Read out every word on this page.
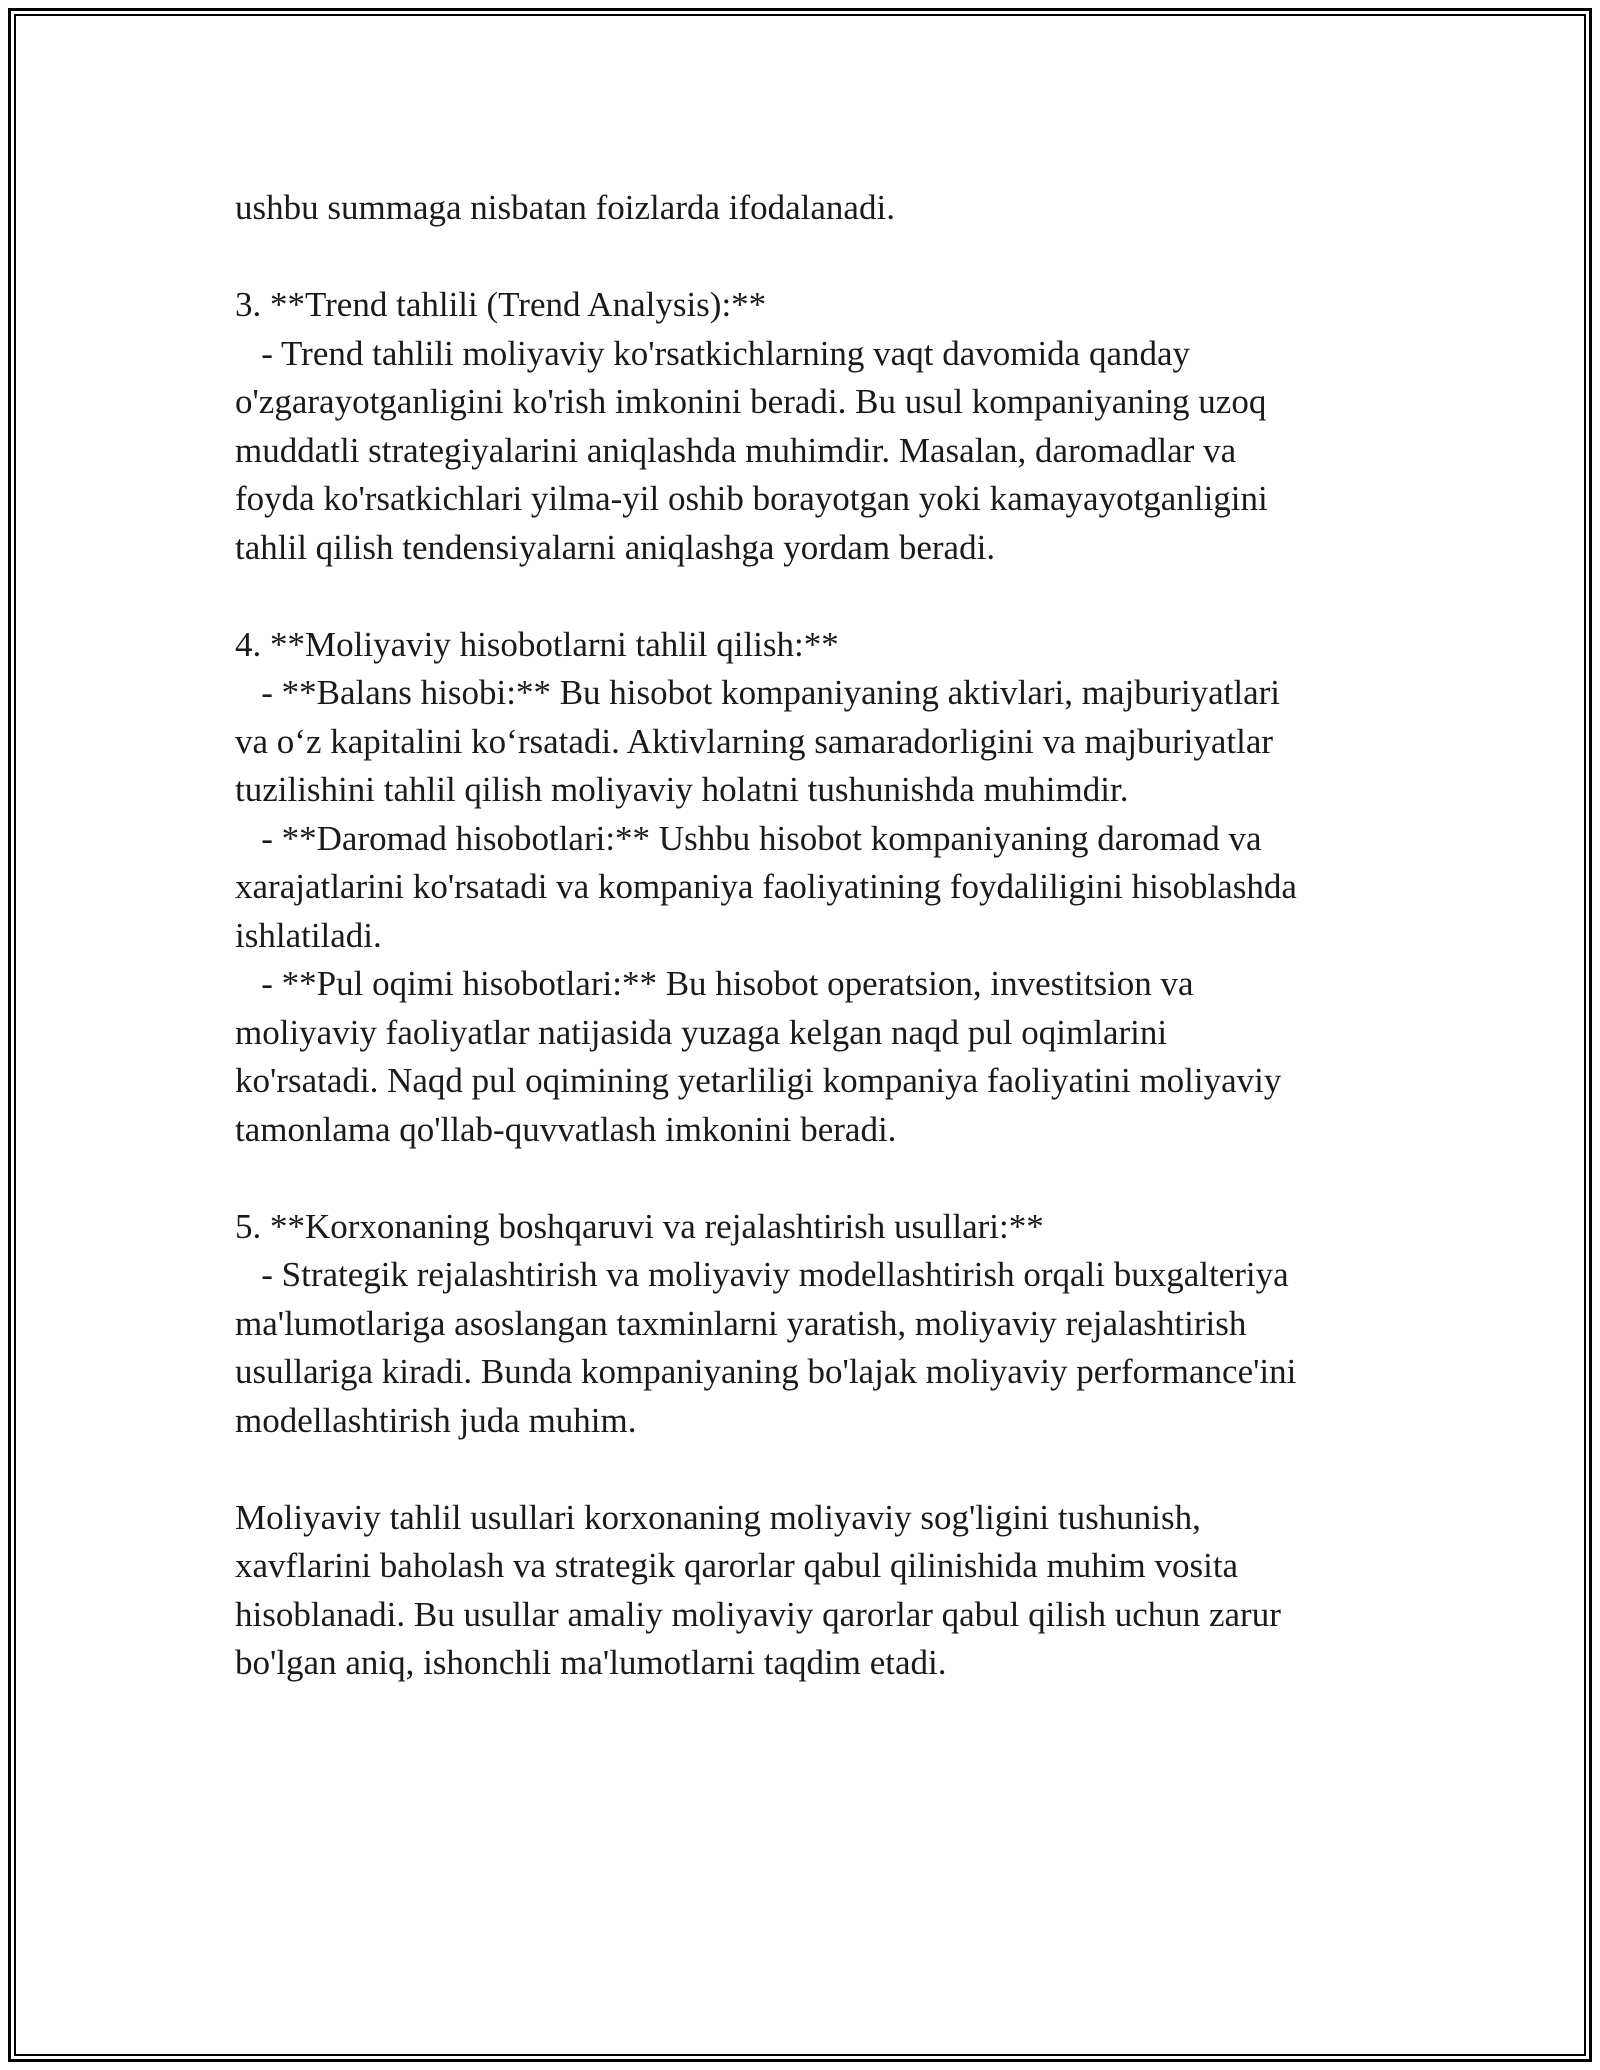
ushbu summaga nisbatan foizlarda ifodalanadi.
3. **Trend tahlili (Trend Analysis):**
- Trend tahlili moliyaviy ko'rsatkichlarning vaqt davomida qanday
o'zgarayotganligini ko'rish imkonini beradi. Bu usul kompaniyaning uzoq
muddatli strategiyalarini aniqlashda muhimdir. Masalan, daromadlar va
foyda ko'rsatkichlari yilma-yil oshib borayotgan yoki kamayayotganligini
tahlil qilish tendensiyalarni aniqlashga yordam beradi.
4. **Moliyaviy hisobotlarni tahlil qilish:**
- **Balans hisobi:** Bu hisobot kompaniyaning aktivlari, majburiyatlari
va o‘z kapitalini ko‘rsatadi. Aktivlarning samaradorligini va majburiyatlar
tuzilishini tahlil qilish moliyaviy holatni tushunishda muhimdir.
- **Daromad hisobotlari:** Ushbu hisobot kompaniyaning daromad va
xarajatlarini ko'rsatadi va kompaniya faoliyatining foydaliligini hisoblashda
ishlatiladi.
- **Pul oqimi hisobotlari:** Bu hisobot operatsion, investitsion va
moliyaviy faoliyatlar natijasida yuzaga kelgan naqd pul oqimlarini
ko'rsatadi. Naqd pul oqimining yetarliligi kompaniya faoliyatini moliyaviy
tamonlama qo'llab-quvvatlash imkonini beradi.
5. **Korxonaning boshqaruvi va rejalashtirish usullari:**
- Strategik rejalashtirish va moliyaviy modellashtirish orqali buxgalteriya
ma'lumotlariga asoslangan taxminlarni yaratish, moliyaviy rejalashtirish
usullariga kiradi. Bunda kompaniyaning bo'lajak moliyaviy performance'ini
modellashtirish juda muhim.
Moliyaviy tahlil usullari korxonaning moliyaviy sog'ligini tushunish,
xavflarini baholash va strategik qarorlar qabul qilinishida muhim vosita
hisoblanadi. Bu usullar amaliy moliyaviy qarorlar qabul qilish uchun zarur
bo'lgan aniq, ishonchli ma'lumotlarni taqdim etadi.
